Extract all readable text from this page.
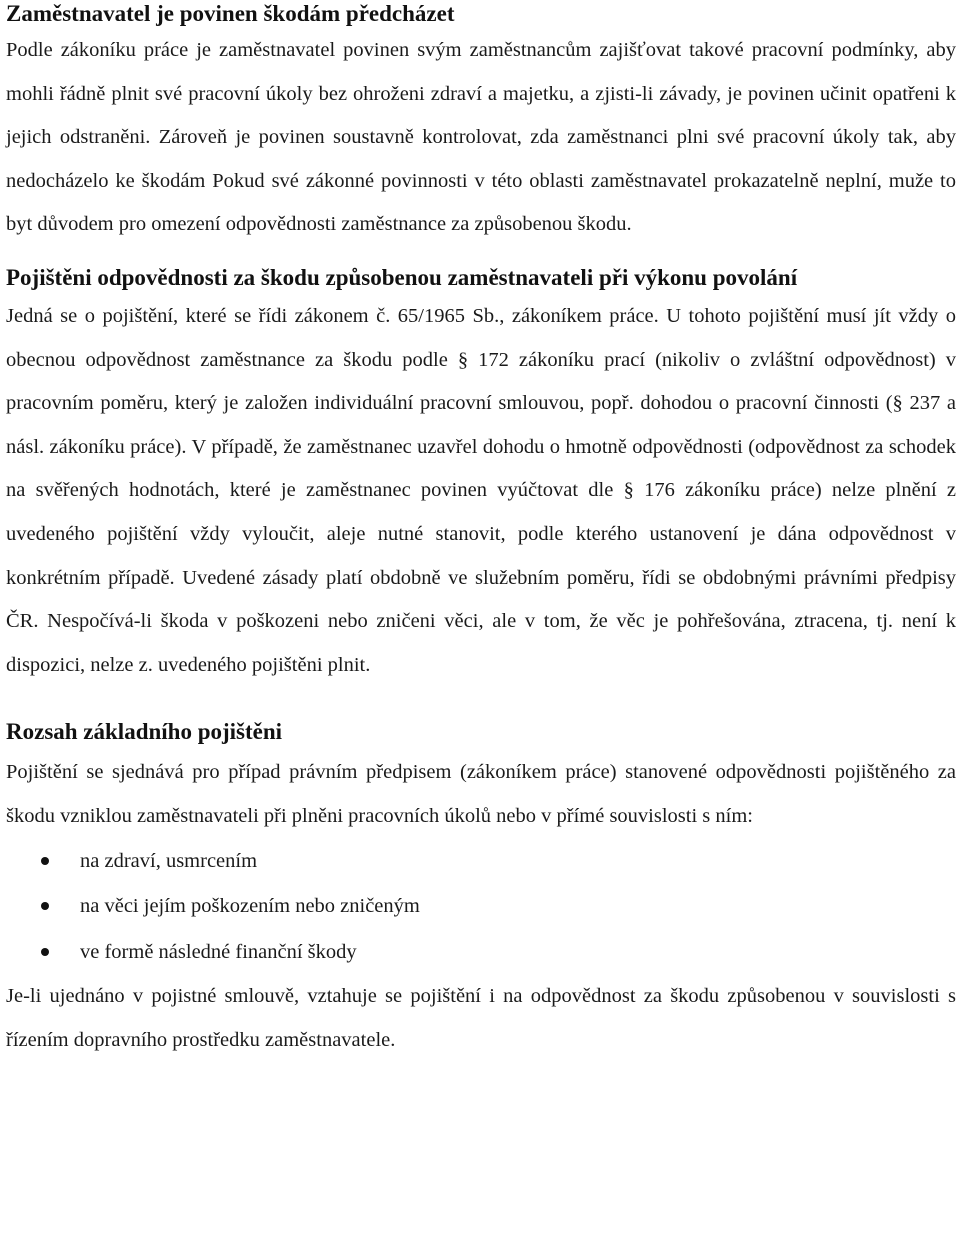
Zaměstnavatel je povinen škodám předcházet

Podle zákoníku práce je zaměstnavatel povinen svým zaměstnancům zajišťovat takové pracovní podmínky, aby mohli řádně plnit své pracovní úkoly bez ohroženi zdraví a majetku, a zjisti-li závady, je povinen učinit opatřeni k jejich odstraněni. Zároveň je povinen soustavně kontrolovat, zda zaměstnanci plni své pracovní úkoly tak, aby nedocházelo ke škodám Pokud své zákonné povinnosti v této oblasti zaměstnavatel prokazatelně neplní, muže to byt důvodem pro omezení odpovědnosti zaměstnance za způsobenou škodu.

Pojištěni odpovědnosti za škodu způsobenou zaměstnavateli při výkonu povolání

Jedná se o pojištění, které se řídi zákonem č. 65/1965 Sb., zákoníkem práce. U tohoto pojištění musí jít vždy o obecnou odpovědnost zaměstnance za škodu podle § 172 zákoníku prací (nikoliv o zvláštní odpovědnost) v pracovním poměru, který je založen individuální pracovní smlouvou, popř. dohodou o pracovní činnosti (§ 237 a násl. zákoníku práce). V případě, že zaměstnanec uzavřel dohodu o hmotně odpovědnosti (odpovědnost za schodek na svěřených hodnotách, které je zaměstnanec povinen vyúčtovat dle § 176 zákoníku práce) nelze plnění z uvedeného pojištění vždy vyloučit, aleje nutné stanovit, podle kterého ustanovení je dána odpovědnost v konkrétním případě. Uvedené zásady platí obdobně ve služebním poměru, řídi se obdobnými právními předpisy ČR. Nespočívá-li škoda v poškozeni nebo zničeni věci, ale v tom, že věc je pohřešována, ztracena, tj. není k dispozici, nelze z. uvedeného pojištěni plnit.

Rozsah základního pojištěni

Pojištění se sjednává pro případ právním předpisem (zákoníkem práce) stanovené odpovědnosti pojištěného za škodu vzniklou zaměstnavateli při plněni pracovních úkolů nebo v přímé souvislosti s ním:

na zdraví, usmrcením
na věci jejím poškozením nebo zničeným
ve formě následné finanční škody

Je-li ujednáno v pojistné smlouvě, vztahuje se pojištění i na odpovědnost za škodu způsobenou v souvislosti s řízením dopravního prostředku zaměstnavatele.
